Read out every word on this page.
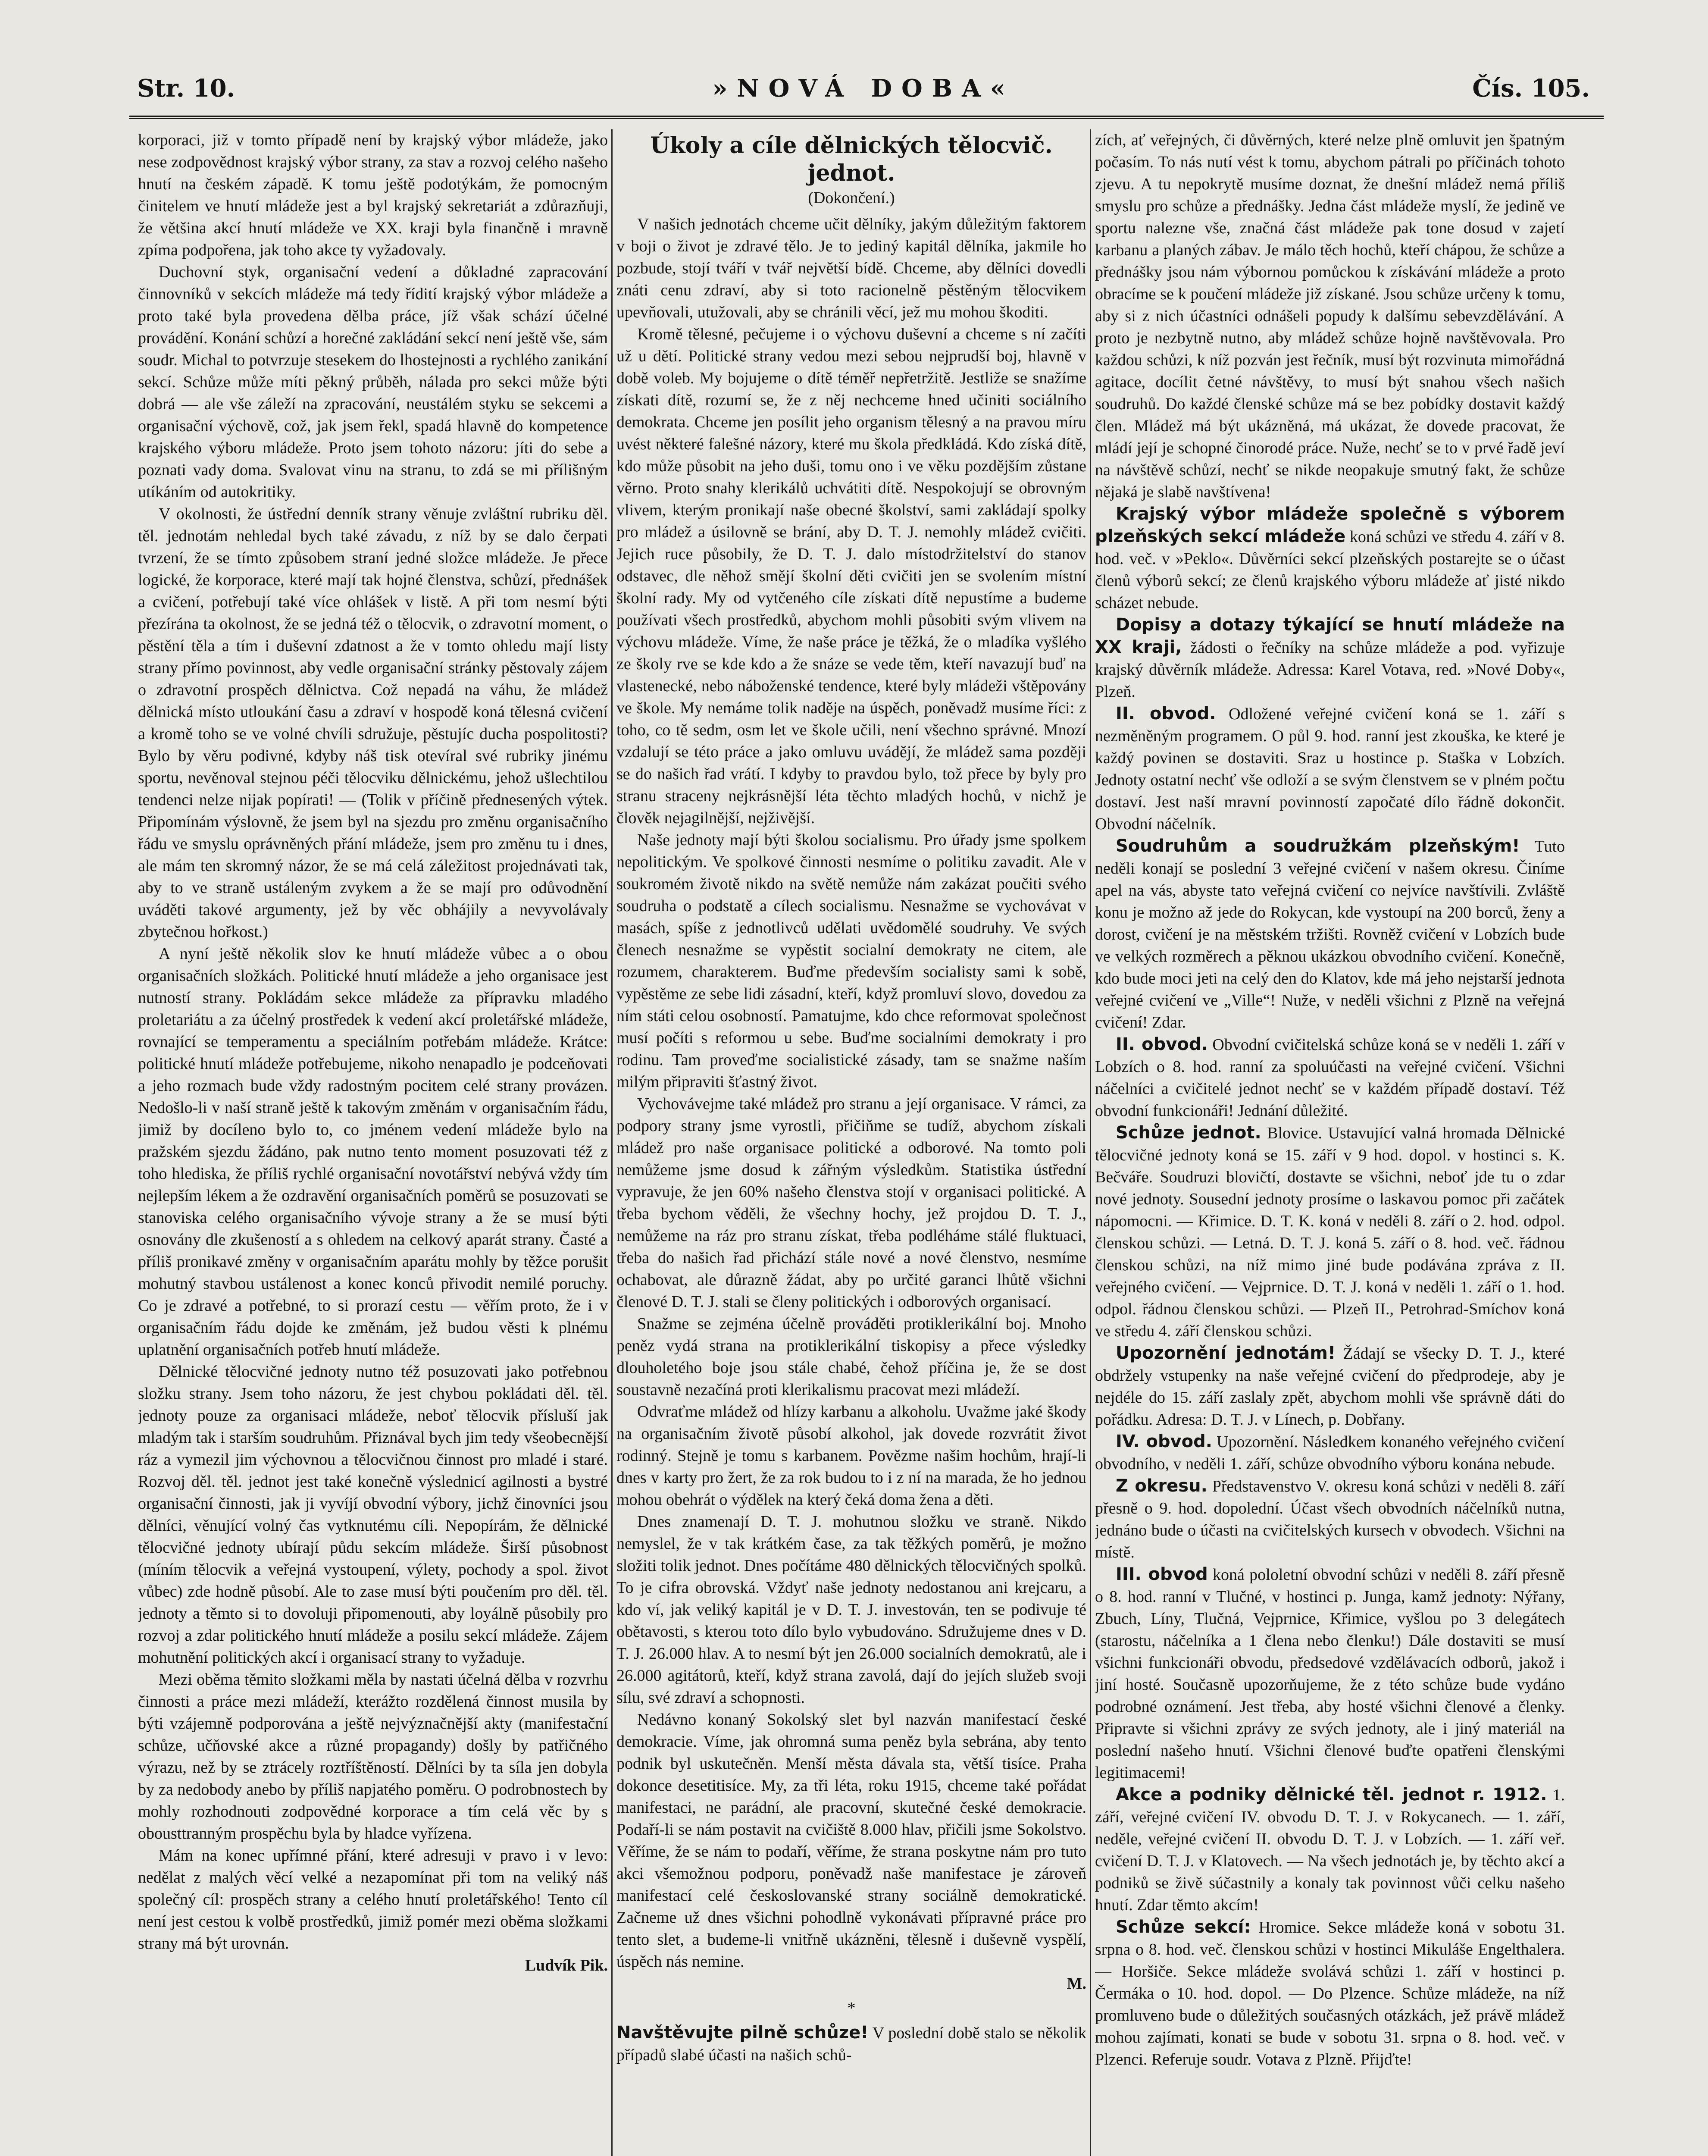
Str. 10.	»NOVÁ DOBA«	Čís. 105.

korporaci, již v tomto případě není by krajský výbor mládeže, jako nese zodpovědnost krajský výbor strany, za stav a rozvoj celého našeho hnutí na českém západě. K tomu ještě podotýkám, že pomocným činitelem ve hnutí mládeže jest a byl krajský sekretariát a zdůrazňuji, že většina akcí hnutí mládeže ve XX. kraji byla finančně i mravně zpíma podpořena, jak toho akce ty vyžadovaly.

Duchovní styk, organisační vedení a důkladné zapracování činnovníků v sekcích mládeže má tedy řídití krajský výbor mládeže a proto také byla provedena dělba práce, jíž však schází účelné provádění. Konání schůzí a horečné zakládání sekcí není ještě vše, sám soudr. Michal to potvrzuje stesekem do lhostejnosti a rychlého zanikání sekcí. Schůze může míti pěkný průběh, nálada pro sekci může býti dobrá — ale vše záleží na zpracování, neustálém styku se sekcemi a organisační výchově, což, jak jsem řekl, spadá hlavně do kompetence krajského výboru mládeže. Proto jsem tohoto názoru: jíti do sebe a poznati vady doma. Svalovat vinu na stranu, to zdá se mi přílišným utíkáním od autokritiky.

V okolnosti, že ústřední denník strany věnuje zvláštní rubriku děl. těl. jednotám nehledal bych také závadu, z níž by se dalo čerpati tvrzení, že se tímto způsobem straní jedné složce mládeže. Je přece logické, že korporace, které mají tak hojné členstva, schůzí, přednášek a cvičení, potřebují také více ohlášek v listě. A při tom nesmí býti přezírána ta okolnost, že se jedná též o tělocvik, o zdravotní moment, o pěstění těla a tím i duševní zdatnost a že v tomto ohledu mají listy strany přímo povinnost, aby vedle organisační stránky pěstovaly zájem o zdravotní prospěch dělnictva. Což nepadá na váhu, že mládež dělnická místo utloukání času a zdraví v hospodě koná tělesná cvičení a kromě toho se ve volné chvíli sdružuje, pěstujíc ducha pospolitosti? Bylo by věru podivné, kdyby náš tisk otevíral své rubriky jinému sportu, nevěnoval stejnou péči tělocviku dělnickému, jehož ušlechtilou tendenci nelze nijak popírati! — (Tolik v příčině přednesených výtek. Připomínám výslovně, že jsem byl na sjezdu pro změnu organisačního řádu ve smyslu oprávněných přání mládeže, jsem pro změnu tu i dnes, ale mám ten skromný názor, že se má celá záležitost projednávati tak, aby to ve straně ustáleným zvykem a že se mají pro odůvodnění uváděti takové argumenty, jež by věc obhájily a nevyvolávaly zbytečnou hořkost.)

A nyní ještě několik slov ke hnutí mládeže vůbec a o obou organisačních složkách. Politické hnutí mládeže a jeho organisace jest nutností strany. Pokládám sekce mládeže za přípravku mladého proletariátu a za účelný prostředek k vedení akcí proletářské mládeže, rovnající se temperamentu a speciálním potřebám mládeže. Krátce: politické hnutí mládeže potřebujeme, nikoho nenapadlo je podceňovati a jeho rozmach bude vždy radostným pocitem celé strany provázen. Nedošlo-li v naší straně ještě k takovým změnám v organisačním řádu, jimiž by docíleno bylo to, co jménem vedení mládeže bylo na pražském sjezdu žádáno, pak nutno tento moment posuzovati též z toho hlediska, že příliš rychlé organisační novotářství nebývá vždy tím nejlepším lékem a že ozdravění organisačních poměrů se posuzovati se stanoviska celého organisačního vývoje strany a že se musí býti osnovány dle zkušeností a s ohledem na celkový aparát strany. Časté a příliš pronikavé změny v organisačním aparátu mohly by těžce porušit mohutný stavbou ustálenost a konec konců přivodit nemilé poruchy. Co je zdravé a potřebné, to si prorazí cestu — věřím proto, že i v organisačním řádu dojde ke změnám, jež budou věsti k plnému uplatnění organisačních potřeb hnutí mládeže.

Dělnické tělocvičné jednoty nutno též posuzovati jako potřebnou složku strany. Jsem toho názoru, že jest chybou pokládati děl. těl. jednoty pouze za organisaci mládeže, neboť tělocvik přísluší jak mladým tak i starším soudruhům. Přiznával bych jim tedy všeobecnější ráz a vymezil jim výchovnou a tělocvičnou činnost pro mladé i staré. Rozvoj děl. těl. jednot jest také konečně výslednicí agilnosti a bystré organisační činnosti, jak ji vyvíjí obvodní výbory, jichž činovníci jsou dělníci, věnující volný čas vytknutému cíli. Nepopírám, že dělnické tělocvičné jednoty ubírají půdu sekcím mládeže. Širší působnost (míním tělocvik a veřejná vystoupení, výlety, pochody a spol. život vůbec) zde hodně působí. Ale to zase musí býti poučením pro děl. těl. jednoty a těmto si to dovoluji připomenouti, aby loyálně působily pro rozvoj a zdar politického hnutí mládeže a posilu sekcí mládeže. Zájem mohutnění politických akcí i organisací strany to vyžaduje.

Mezi oběma těmito složkami měla by nastati účelná dělba v rozvrhu činnosti a práce mezi mládeží, kterážto rozdělená činnost musila by býti vzájemně podporována a ještě nejvýznačnější akty (manifestační schůze, učňovské akce a různé propagandy) došly by patřičného výrazu, než by se ztrácely roztříštěností. Dělníci by ta síla jen dobyla by za nedobody anebo by příliš napjatého poměru. O podrobnostech by mohly rozhodnouti zodpovědné korporace a tím celá věc by s obousttranným prospěchu byla by hladce vyřízena.

Mám na konec upřímné přání, které adresuji v pravo i v levo: nedělat z malých věcí velké a nezapomínat při tom na veliký náš společný cíl: prospěch strany a celého hnutí proletářského! Tento cíl není jest cestou k volbě prostředků, jimiž pomér mezi oběma složkami strany má být urovnán.

Ludvík Pik.

Úkoly a cíle dělnických tělocvič. jednot.
(Dokončení.)

V našich jednotách chceme učit dělníky, jakým důležitým faktorem v boji o život je zdravé tělo. Je to jediný kapitál dělníka, jakmile ho pozbude, stojí tváří v tvář největší bídě. Chceme, aby dělníci dovedli znáti cenu zdraví, aby si toto racionelně pěstěným tělocvikem upevňovali, utužovali, aby se chránili věcí, jež mu mohou škoditi.

Kromě tělesné, pečujeme i o výchovu duševní a chceme s ní začíti už u dětí. Politické strany vedou mezi sebou nejprudší boj, hlavně v době voleb. My bojujeme o dítě téměř nepřetržitě. Jestliže se snažíme získati dítě, rozumí se, že z něj nechceme hned učiniti sociálního demokrata. Chceme jen posílit jeho organism tělesný a na pravou míru uvést některé falešné názory, které mu škola předkládá. Kdo získá dítě, kdo může působit na jeho duši, tomu ono i ve věku pozdějším zůstane věrno. Proto snahy klerikálů uchvátiti dítě. Nespokojují se obrovným vlivem, kterým pronikají naše obecné školství, sami zakládají spolky pro mládež a úsilovně se brání, aby D. T. J. nemohly mládež cvičiti. Jejich ruce působily, že D. T. J. dalo místodržitelství do stanov odstavec, dle něhož smějí školní děti cvičiti jen se svolením místní školní rady. My od vytčeného cíle získati dítě nepustíme a budeme používati všech prostředků, abychom mohli působiti svým vlivem na výchovu mládeže. Víme, že naše práce je těžká, že o mladíka vyšlého ze školy rve se kde kdo a že snáze se vede těm, kteří navazují buď na vlastenecké, nebo náboženské tendence, které byly mládeži vštěpovány ve škole. My nemáme tolik naděje na úspěch, poněvadž musíme říci: z toho, co tě sedm, osm let ve škole učili, není všechno správné. Mnozí vzdalují se této práce a jako omluvu uvádějí, že mládež sama později se do našich řad vrátí. I kdyby to pravdou bylo, tož přece by byly pro stranu straceny nejkrásnější léta těchto mladých hochů, v nichž je člověk nejagilnější, nejživější.

Naše jednoty mají býti školou socialismu. Pro úřady jsme spolkem nepolitickým. Ve spolkové činnosti nesmíme o politiku zavadit. Ale v soukromém životě nikdo na světě nemůže nám zakázat poučiti svého soudruha o podstatě a cílech socialismu. Nesnažme se vychovávat v masách, spíše z jednotlivců udělati uvědomělé soudruhy. Ve svých členech nesnažme se vypěstit socialní demokraty ne citem, ale rozumem, charakterem. Buďme především socialisty sami k sobě, vypěstěme ze sebe lidi zásadní, kteří, když promluví slovo, dovedou za ním státi celou osobností. Pamatujme, kdo chce reformovat společnost musí počíti s reformou u sebe. Buďme socialními demokraty i pro rodinu. Tam proveďme socialistické zásady, tam se snažme naším milým připraviti šťastný život.

Vychovávejme také mládež pro stranu a její organisace. V rámci, za podpory strany jsme vyrostli, přičiňme se tudíž, abychom získali mládež pro naše organisace politické a odborové. Na tomto poli nemůžeme jsme dosud k zářným výsledkům. Statistika ústřední vypravuje, že jen 60% našeho členstva stojí v organisaci politické. A třeba bychom věděli, že všechny hochy, jež projdou D. T. J., nemůžeme na ráz pro stranu získat, třeba podléháme stálé fluktuaci, třeba do našich řad přichází stále nové a nové členstvo, nesmíme ochabovat, ale důrazně žádat, aby po určité garanci lhůtě všichni členové D. T. J. stali se členy politických i odborových organisací.

Snažme se zejména účelně prováděti protiklerikální boj. Mnoho peněz vydá strana na protiklerikální tiskopisy a přece výsledky dlouholetého boje jsou stále chabé, čehož příčina je, že se dost soustavně nezačíná proti klerikalismu pracovat mezi mládeží.

Odvraťme mládež od hlízy karbanu a alkoholu. Uvažme jaké škody na organisačním životě působí alkohol, jak dovede rozvrátit život rodinný. Stejně je tomu s karbanem. Povězme našim hochům, hrají-li dnes v karty pro žert, že za rok budou to i z ní na marada, že ho jednou mohou obehrát o výdělek na který čeká doma žena a děti.

Dnes znamenají D. T. J. mohutnou složku ve straně. Nikdo nemyslel, že v tak krátkém čase, za tak těžkých poměrů, je možno složiti tolik jednot. Dnes počítáme 480 dělnických tělocvičných spolků. To je cifra obrovská. Vždyť naše jednoty nedostanou ani krejcaru, a kdo ví, jak veliký kapitál je v D. T. J. investován, ten se podivuje té obětavosti, s kterou toto dílo bylo vybudováno. Sdružujeme dnes v D. T. J. 26.000 hlav. A to nesmí být jen 26.000 socialních demokratů, ale i 26.000 agitátorů, kteří, když strana zavolá, dají do jejích služeb svoji sílu, své zdraví a schopnosti.

Nedávno konaný Sokolský slet byl nazván manifestací české demokracie. Víme, jak ohromná suma peněz byla sebrána, aby tento podnik byl uskutečněn. Menší města dávala sta, větší tisíce. Praha dokonce desetitisíce. My, za tři léta, roku 1915, chceme také pořádat manifestaci, ne parádní, ale pracovní, skutečné české demokracie. Podaří-li se nám postavit na cvičiště 8.000 hlav, přičili jsme Sokolstvo. Věříme, že se nám to podaří, věříme, že strana poskytne nám pro tuto akci všemožnou podporu, poněvadž naše manifestace je zároveň manifestací celé českoslovanské strany sociálně demokratické. Začneme už dnes všichni pohodlně vykonávati přípravné práce pro tento slet, a budeme-li vnitřně ukázněni, tělesně i duševně vyspělí, úspěch nás nemine.

M.

*

Navštěvujte pilně schůze! V poslední době stalo se několik případů slabé účasti na našich schů-

zích, ať veřejných, či důvěrných, které nelze plně omluvit jen špatným počasím. To nás nutí vést k tomu, abychom pátrali po příčinách tohoto zjevu. A tu nepokrytě musíme doznat, že dnešní mládež nemá příliš smyslu pro schůze a přednášky. Jedna část mládeže myslí, že jedině ve sportu nalezne vše, značná část mládeže pak tone dosud v zajetí karbanu a planých zábav. Je málo těch hochů, kteří chápou, že schůze a přednášky jsou nám výbornou pomůckou k získávání mládeže a proto obracíme se k poučení mládeže již získané. Jsou schůze určeny k tomu, aby si z nich účastníci odnášeli popudy k dalšímu sebevzdělávání. A proto je nezbytně nutno, aby mládež schůze hojně navštěvovala. Pro každou schůzi, k níž pozván jest řečník, musí být rozvinuta mimořádná agitace, docílit četné návštěvy, to musí být snahou všech našich soudruhů. Do každé členské schůze má se bez pobídky dostavit každý člen. Mládež má být ukázněná, má ukázat, že dovede pracovat, že mládí její je schopné činorodé práce. Nuže, nechť se to v prvé řadě jeví na návštěvě schůzí, nechť se nikde neopakuje smutný fakt, že schůze nějaká je slabě navštívena!

Krajský výbor mládeže společně s výborem plzeňských sekcí mládeže koná schůzi ve středu 4. září v 8. hod. več. v »Peklo«. Důvěrníci sekcí plzeňských postarejte se o účast členů výborů sekcí; ze členů krajského výboru mládeže ať jisté nikdo scházet nebude.

Dopisy a dotazy týkající se hnutí mládeže na XX kraji, žádosti o řečníky na schůze mládeže a pod. vyřizuje krajský důvěrník mládeže. Adressa: Karel Votava, red. »Nové Doby«, Plzeň.

II. obvod. Odložené veřejné cvičení koná se 1. září s nezměněným programem. O půl 9. hod. ranní jest zkouška, ke které je každý povinen se dostaviti. Sraz u hostince p. Staška v Lobzích. Jednoty ostatní nechť vše odloží a se svým členstvem se v plném počtu dostaví. Jest naší mravní povinností započaté dílo řádně dokončit. Obvodní náčelník.

Soudruhům a soudružkám plzeňským! Tuto neděli konají se poslední 3 veřejné cvičení v našem okresu. Činíme apel na vás, abyste tato veřejná cvičení co nejvíce navštívili. Zvláště konu je možno až jede do Rokycan, kde vystoupí na 200 borců, ženy a dorost, cvičení je na městském tržišti. Rovněž cvičení v Lobzích bude ve velkých rozměrech a pěknou ukázkou obvodního cvičení. Konečně, kdo bude moci jeti na celý den do Klatov, kde má jeho nejstarší jednota veřejné cvičení ve „Ville“! Nuže, v neděli všichni z Plzně na veřejná cvičení! Zdar.

II. obvod. Obvodní cvičitelská schůze koná se v neděli 1. září v Lobzích o 8. hod. ranní za spoluúčasti na veřejné cvičení. Všichni náčelníci a cvičitelé jednot nechť se v každém případě dostaví. Též obvodní funkcionáři! Jednání důležité.

Schůze jednot. Blovice. Ustavující valná hromada Dělnické tělocvičné jednoty koná se 15. září v 9 hod. dopol. v hostinci s. K. Bečváře. Soudruzi blovičtí, dostavte se všichni, neboť jde tu o zdar nové jednoty. Sousední jednoty prosíme o laskavou pomoc při začátek nápomocni. — Křimice. D. T. K. koná v neděli 8. září o 2. hod. odpol. členskou schůzi. — Letná. D. T. J. koná 5. září o 8. hod. več. řádnou členskou schůzi, na níž mimo jiné bude podávána zpráva z II. veřejného cvičení. — Vejprnice. D. T. J. koná v neděli 1. září o 1. hod. odpol. řádnou členskou schůzi. — Plzeň II., Petrohrad-Smíchov koná ve středu 4. září členskou schůzi.

Upozornění jednotám! Žádají se všecky D. T. J., které obdržely vstupenky na naše veřejné cvičení do předprodeje, aby je nejdéle do 15. září zaslaly zpět, abychom mohli vše správně dáti do pořádku. Adresa: D. T. J. v Línech, p. Dobřany.

IV. obvod. Upozornění. Následkem konaného veřejného cvičení obvodního, v neděli 1. září, schůze obvodního výboru konána nebude.

Z okresu. Představenstvo V. okresu koná schůzi v neděli 8. září přesně o 9. hod. dopolední. Účast všech obvodních náčelníků nutna, jednáno bude o účasti na cvičitelských kursech v obvodech. Všichni na místě.

III. obvod koná pololetní obvodní schůzi v neděli 8. září přesně o 8. hod. ranní v Tlučné, v hostinci p. Junga, kamž jednoty: Nýřany, Zbuch, Líny, Tlučná, Vejprnice, Křimice, vyšlou po 3 delegátech (starostu, náčelníka a 1 člena nebo členku!) Dále dostaviti se musí všichni funkcionáři obvodu, předsedové vzdělávacích odborů, jakož i jiní hosté. Současně upozorňujeme, že z této schůze bude vydáno podrobné oznámení. Jest třeba, aby hosté všichni členové a členky. Připravte si všichni zprávy ze svých jednoty, ale i jiný materiál na poslední našeho hnutí. Všichni členové buďte opatřeni členskými legitimacemi!

Akce a podniky dělnické těl. jednot r. 1912. 1. září, veřejné cvičení IV. obvodu D. T. J. v Rokycanech. — 1. září, neděle, veřejné cvičení II. obvodu D. T. J. v Lobzích. — 1. září veř. cvičení D. T. J. v Klatovech. — Na všech jednotách je, by těchto akcí a podniků se živě súčastnily a konaly tak povinnost vůči celku našeho hnutí. Zdar těmto akcím!

Schůze sekcí: Hromice. Sekce mládeže koná v sobotu 31. srpna o 8. hod. več. členskou schůzi v hostinci Mikuláše Engelthalera. — Horšiče. Sekce mládeže svolává schůzi 1. září v hostinci p. Čermáka o 10. hod. dopol. — Do Plzence. Schůze mládeže, na níž promluveno bude o důležitých současných otázkách, jež právě mládež mohou zajímati, konati se bude v sobotu 31. srpna o 8. hod. več. v Plzenci. Referuje soudr. Votava z Plzně. Přijďte!
